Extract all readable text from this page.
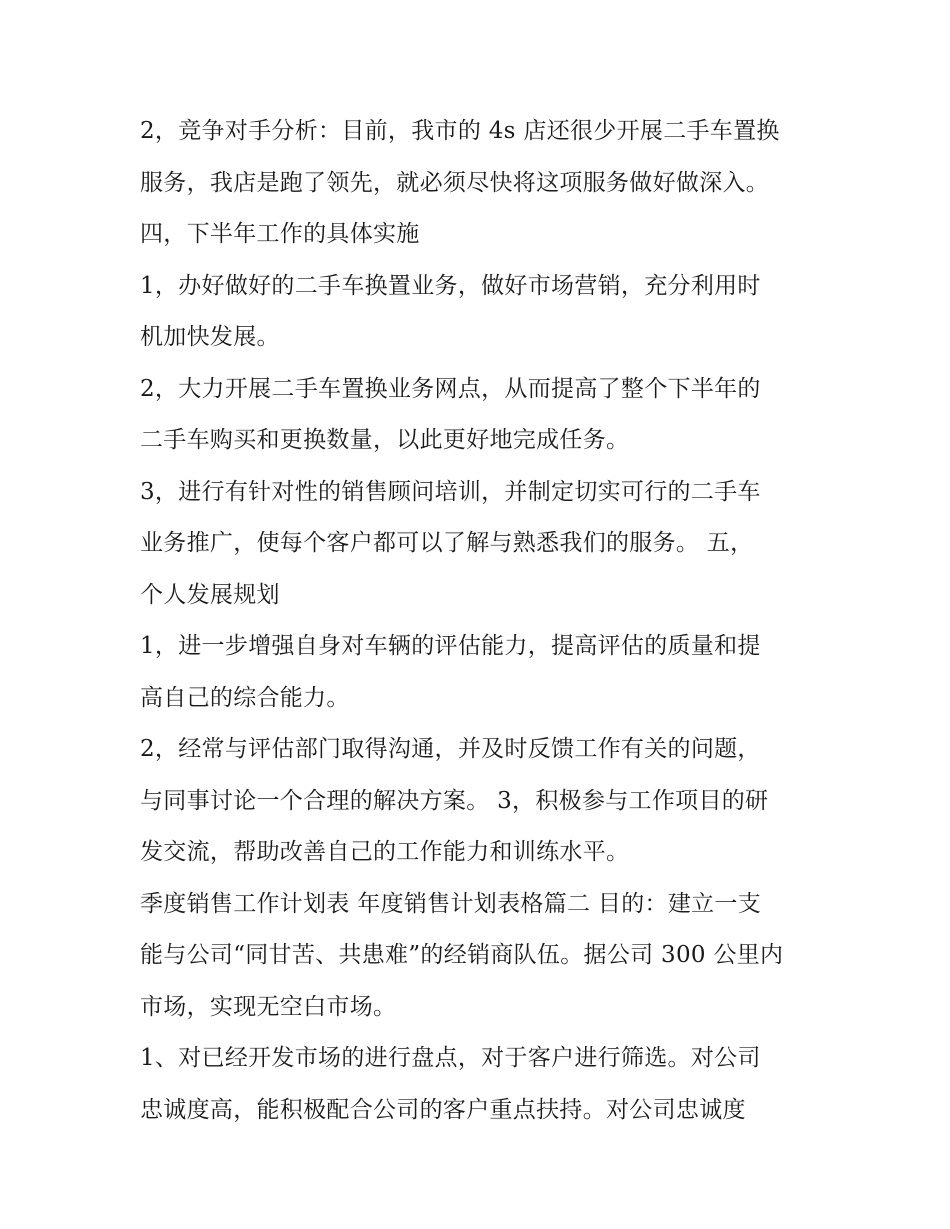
2，竞争对手分析：目前，我市的 4s 店还很少开展二手车置换
服务，我店是跑了领先，就必须尽快将这项服务做好做深入。
四，下半年工作的具体实施
1，办好做好的二手车换置业务，做好市场营销，充分利用时
机加快发展。
2，大力开展二手车置换业务网点，从而提高了整个下半年的
二手车购买和更换数量，以此更好地完成任务。
3，进行有针对性的销售顾问培训，并制定切实可行的二手车
业务推广，使每个客户都可以了解与熟悉我们的服务。 五，
个人发展规划
1，进一步增强自身对车辆的评估能力，提高评估的质量和提
高自己的综合能力。
2，经常与评估部门取得沟通，并及时反馈工作有关的问题，
与同事讨论一个合理的解决方案。 3，积极参与工作项目的研
发交流，帮助改善自己的工作能力和训练水平。
季度销售工作计划表 年度销售计划表格篇二 目的：建立一支
能与公司“同甘苦、共患难”的经销商队伍。据公司 300 公里内
市场，实现无空白市场。
1、对已经开发市场的进行盘点，对于客户进行筛选。对公司
忠诚度高，能积极配合公司的客户重点扶持。对公司忠诚度
